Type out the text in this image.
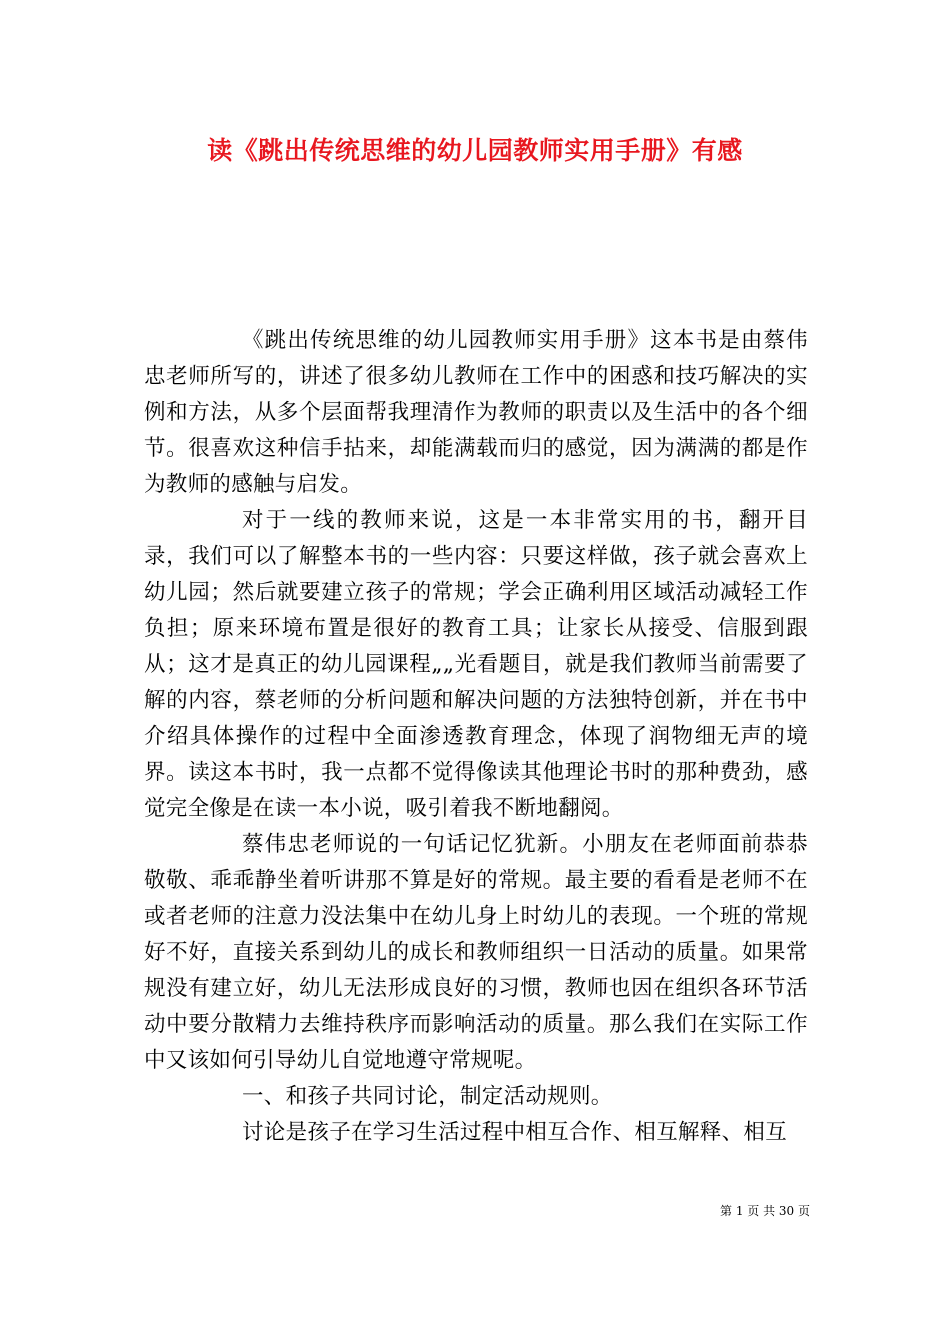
读《跳出传统思维的幼儿园教师实用手册》有感

《跳出传统思维的幼儿园教师实用手册》这本书是由蔡伟忠老师所写的，讲述了很多幼儿教师在工作中的困惑和技巧解决的实例和方法，从多个层面帮我理清作为教师的职责以及生活中的各个细节。很喜欢这种信手拈来，却能满载而归的感觉，因为满满的都是作为教师的感触与启发。

对于一线的教师来说，这是一本非常实用的书，翻开目录，我们可以了解整本书的一些内容：只要这样做，孩子就会喜欢上幼儿园；然后就要建立孩子的常规；学会正确利用区域活动减轻工作负担；原来环境布置是很好的教育工具；让家长从接受、信服到跟从；这才是真正的幼儿园课程„„光看题目，就是我们教师当前需要了解的内容，蔡老师的分析问题和解决问题的方法独特创新，并在书中介绍具体操作的过程中全面渗透教育理念，体现了润物细无声的境界。读这本书时，我一点都不觉得像读其他理论书时的那种费劲，感觉完全像是在读一本小说，吸引着我不断地翻阅。

蔡伟忠老师说的一句话记忆犹新。小朋友在老师面前恭恭敬敬、乖乖静坐着听讲那不算是好的常规。最主要的看看是老师不在或者老师的注意力没法集中在幼儿身上时幼儿的表现。一个班的常规好不好，直接关系到幼儿的成长和教师组织一日活动的质量。如果常规没有建立好，幼儿无法形成良好的习惯，教师也因在组织各环节活动中要分散精力去维持秩序而影响活动的质量。那么我们在实际工作中又该如何引导幼儿自觉地遵守常规呢。

一、和孩子共同讨论，制定活动规则。

讨论是孩子在学习生活过程中相互合作、相互解释、相互

第 1 页 共 30 页
